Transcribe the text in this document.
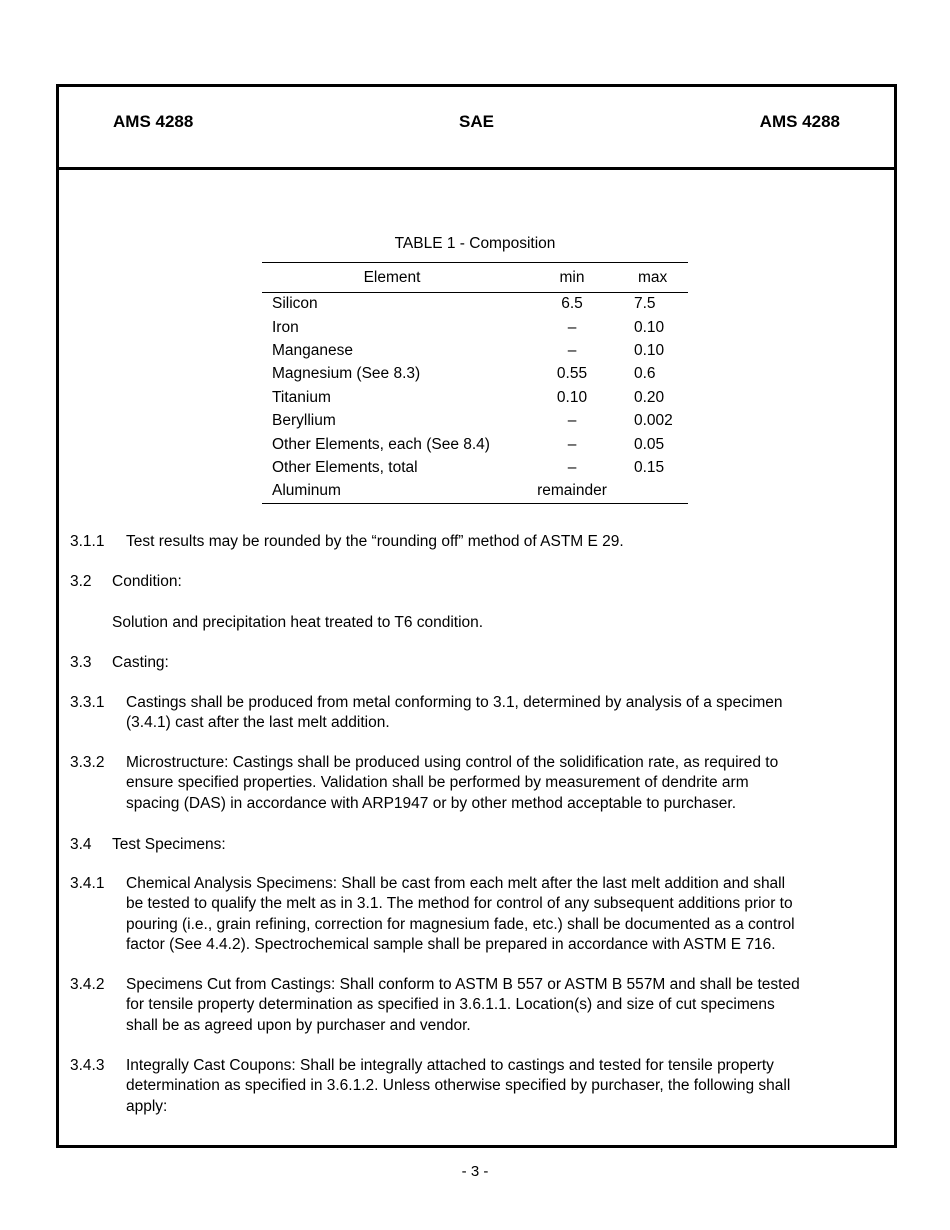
AMS 4288	SAE	AMS 4288
TABLE 1 - Composition
Element	min	max
Silicon	6.5	7.5
Iron	–	0.10
Manganese	–	0.10
Magnesium (See 8.3)	0.55	0.6
Titanium	0.10	0.20
Beryllium	–	0.002
Other Elements, each (See 8.4)	–	0.05
Other Elements, total	–	0.15
Aluminum	remainder	
3.1.1 Test results may be rounded by the “rounding off” method of ASTM E 29.
3.2 Condition:
Solution and precipitation heat treated to T6 condition.
3.3 Casting:
3.3.1 Castings shall be produced from metal conforming to 3.1, determined by analysis of a specimen
(3.4.1) cast after the last melt addition.
3.3.2 Microstructure: Castings shall be produced using control of the solidification rate, as required to
ensure specified properties. Validation shall be performed by measurement of dendrite arm
spacing (DAS) in accordance with ARP1947 or by other method acceptable to purchaser.
3.4 Test Specimens:
3.4.1 Chemical Analysis Specimens: Shall be cast from each melt after the last melt addition and shall
be tested to qualify the melt as in 3.1. The method for control of any subsequent additions prior to
pouring (i.e., grain refining, correction for magnesium fade, etc.) shall be documented as a control
factor (See 4.4.2). Spectrochemical sample shall be prepared in accordance with ASTM E 716.
3.4.2 Specimens Cut from Castings: Shall conform to ASTM B 557 or ASTM B 557M and shall be tested
for tensile property determination as specified in 3.6.1.1. Location(s) and size of cut specimens
shall be as agreed upon by purchaser and vendor.
3.4.3 Integrally Cast Coupons: Shall be integrally attached to castings and tested for tensile property
determination as specified in 3.6.1.2. Unless otherwise specified by purchaser, the following shall
apply:
- 3 -
